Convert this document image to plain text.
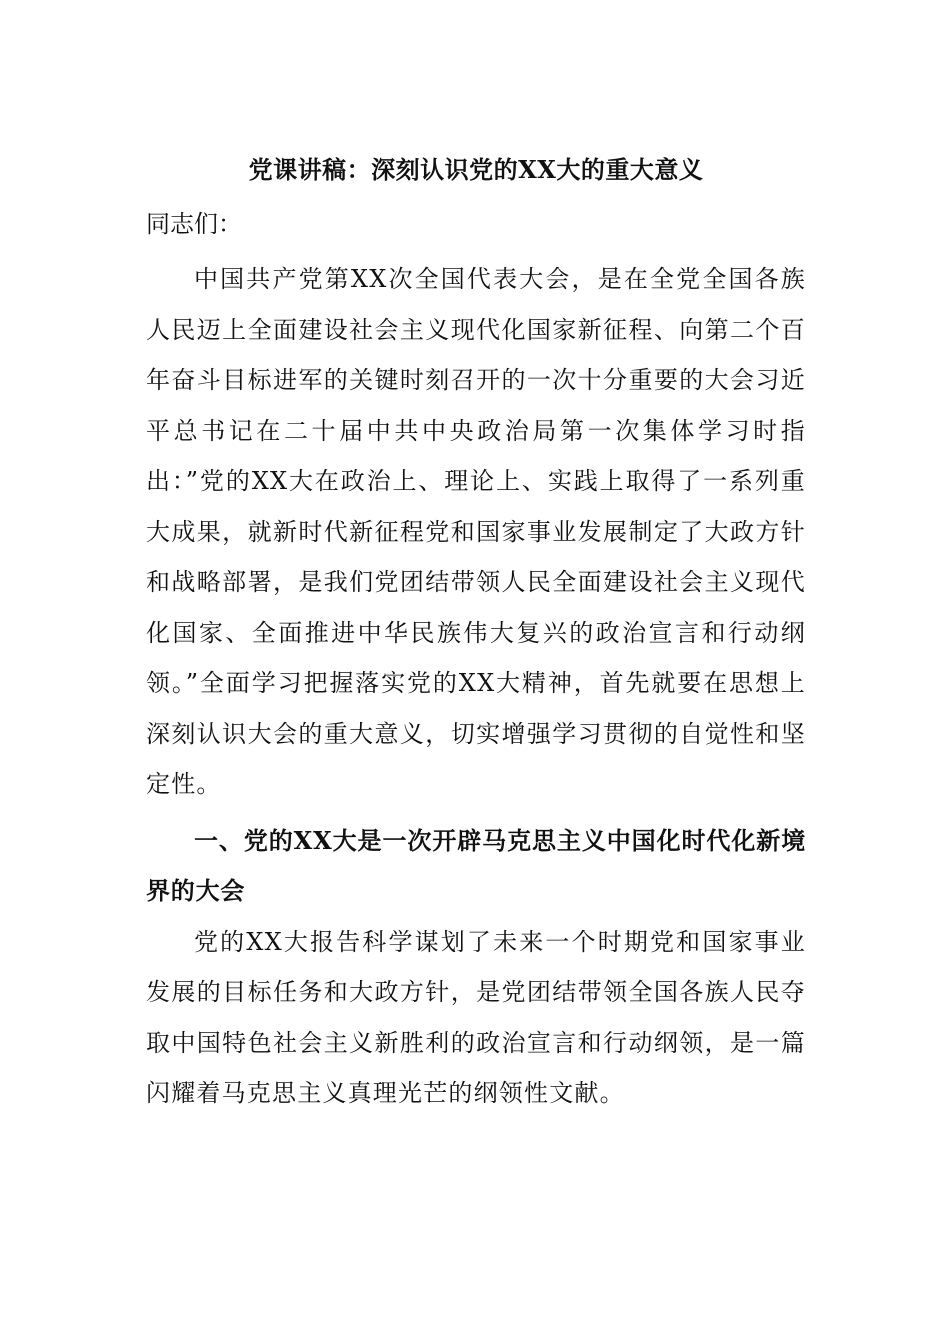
党课讲稿：深刻认识党的XX大的重大意义
同志们：

中国共产党第XX次全国代表大会，是在全党全国各族人民迈上全面建设社会主义现代化国家新征程、向第二个百年奋斗目标进军的关键时刻召开的一次十分重要的大会习近平总书记在二十届中共中央政治局第一次集体学习时指出：”党的XX大在政治上、理论上、实践上取得了一系列重大成果，就新时代新征程党和国家事业发展制定了大政方针和战略部署，是我们党团结带领人民全面建设社会主义现代化国家、全面推进中华民族伟大复兴的政治宣言和行动纲领。”全面学习把握落实党的XX大精神，首先就要在思想上深刻认识大会的重大意义，切实增强学习贯彻的自觉性和坚定性。

一、党的XX大是一次开辟马克思主义中国化时代化新境界的大会

党的XX大报告科学谋划了未来一个时期党和国家事业发展的目标任务和大政方针，是党团结带领全国各族人民夺取中国特色社会主义新胜利的政治宣言和行动纲领，是一篇闪耀着马克思主义真理光芒的纲领性文献。
